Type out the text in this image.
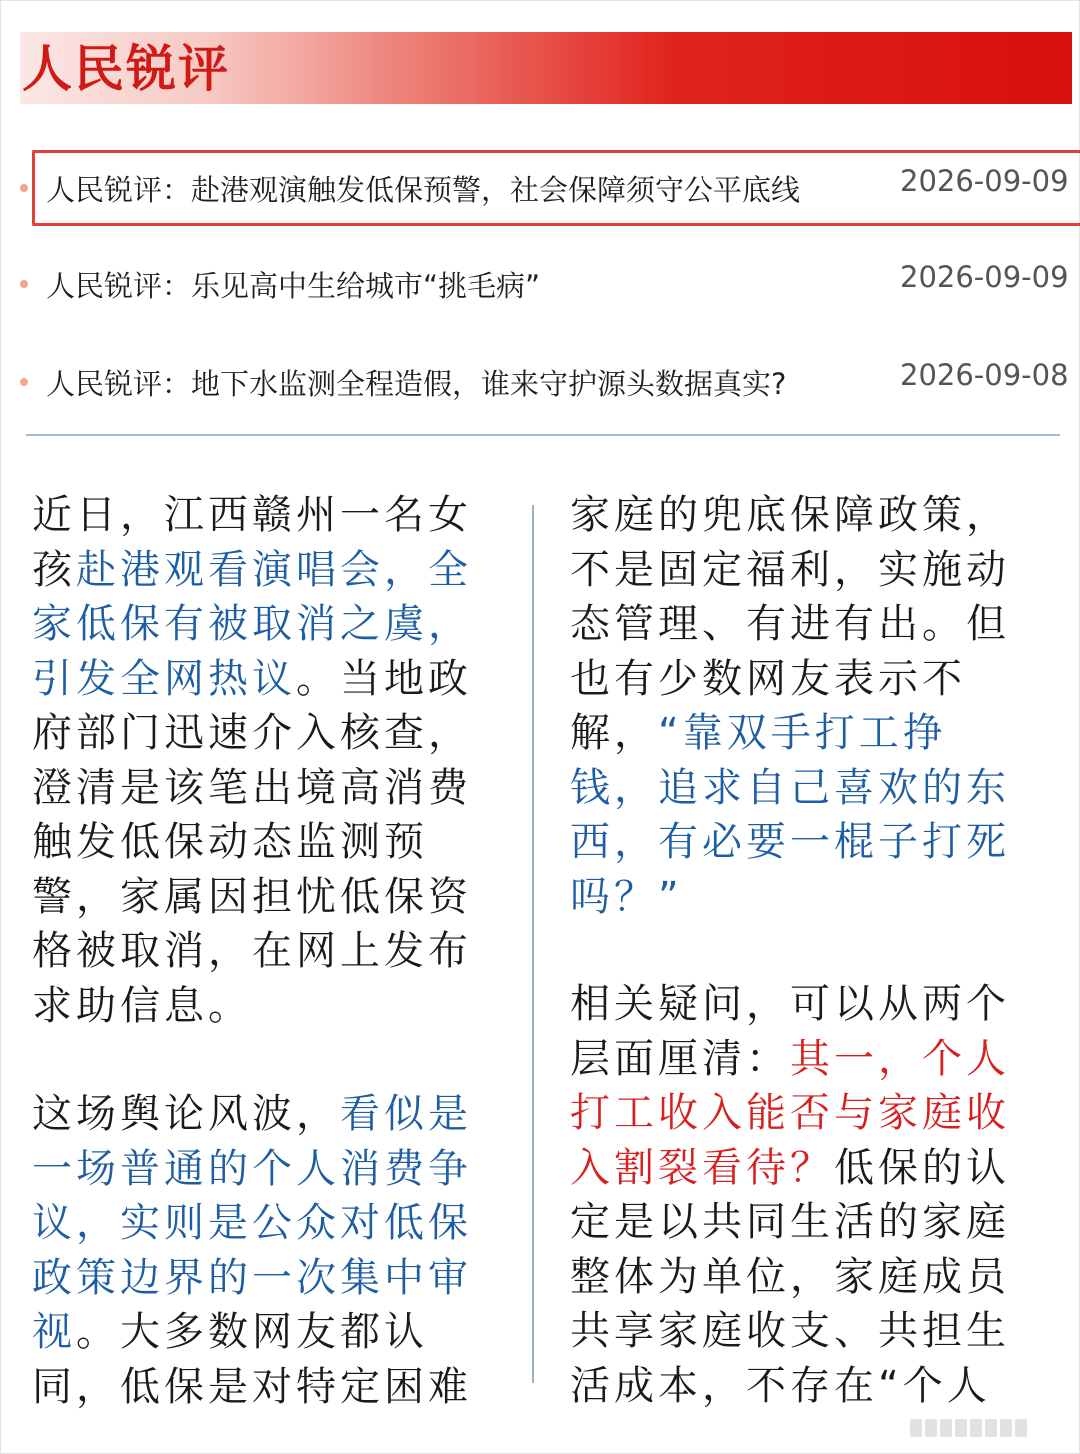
人民锐评
人民锐评：赴港观演触发低保预警，社会保障须守公平底线	2026-09-09
人民锐评：乐见高中生给城市“挑毛病”	2026-09-09
人民锐评：地下水监测全程造假，谁来守护源头数据真实?	2026-09-08
近日，江西赣州一名女
孩赴港观看演唱会，全
家低保有被取消之虞，
引发全网热议。当地政
府部门迅速介入核查，
澄清是该笔出境高消费
触发低保动态监测预
警，家属因担忧低保资
格被取消，在网上发布
求助信息。
这场舆论风波，看似是
一场普通的个人消费争
议，实则是公众对低保
政策边界的一次集中审
视。大多数网友都认
同，低保是对特定困难
家庭的兜底保障政策，
不是固定福利，实施动
态管理、有进有出。但
也有少数网友表示不
解，“靠双手打工挣
钱，追求自己喜欢的东
西，有必要一棍子打死
吗？”
相关疑问，可以从两个
层面厘清：其一，个人
打工收入能否与家庭收
入割裂看待？低保的认
定是以共同生活的家庭
整体为单位，家庭成员
共享家庭收支、共担生
活成本，不存在“个人
